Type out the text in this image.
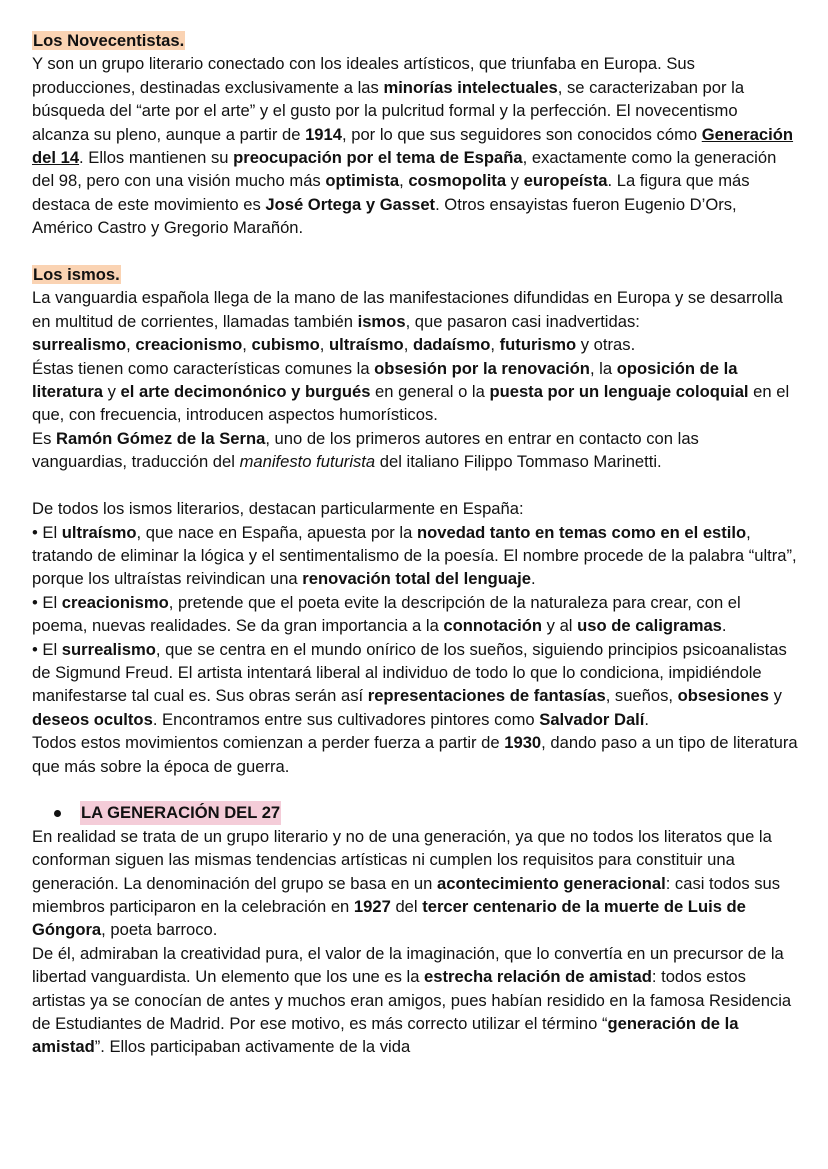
Los Novecentistas.

Y son un grupo literario conectado con los ideales artísticos, que triunfaba en Europa. Sus producciones, destinadas exclusivamente a las minorías intelectuales, se caracterizaban por la búsqueda del “arte por el arte” y el gusto por la pulcritud formal y la perfección. El novecentismo alcanza su pleno, aunque a partir de 1914, por lo que sus seguidores son conocidos cómo Generación del 14. Ellos mantienen su preocupación por el tema de España, exactamente como la generación del 98, pero con una visión mucho más optimista, cosmopolita y europeísta. La figura que más destaca de este movimiento es José Ortega y Gasset. Otros ensayistas fueron Eugenio D’Ors, Américo Castro y Gregorio Marañón.

Los ismos.

La vanguardia española llega de la mano de las manifestaciones difundidas en Europa y se desarrolla en multitud de corrientes, llamadas también ismos, que pasaron casi inadvertidas:

surrealismo, creacionismo, cubismo, ultraísmo, dadaísmo, futurismo y otras.

Éstas tienen como características comunes la obsesión por la renovación, la oposición de la literatura y el arte decimonónico y burgués en general o la puesta por un lenguaje coloquial en el que, con frecuencia, introducen aspectos humorísticos.

Es Ramón Gómez de la Serna, uno de los primeros autores en entrar en contacto con las vanguardias, traducción del manifesto futurista del italiano Filippo Tommaso Marinetti.

De todos los ismos literarios, destacan particularmente en España:

• El ultraísmo, que nace en España, apuesta por la novedad tanto en temas como en el estilo, tratando de eliminar la lógica y el sentimentalismo de la poesía. El nombre procede de la palabra “ultra”, porque los ultraístas reivindican una renovación total del lenguaje.

• El creacionismo, pretende que el poeta evite la descripción de la naturaleza para crear, con el poema, nuevas realidades. Se da gran importancia a la connotación y al uso de caligramas.

• El surrealismo, que se centra en el mundo onírico de los sueños, siguiendo principios psicoanalistas de Sigmund Freud. El artista intentará liberal al individuo de todo lo que lo condiciona, impidiéndole manifestarse tal cual es. Sus obras serán así representaciones de fantasías, sueños, obsesiones y deseos ocultos. Encontramos entre sus cultivadores pintores como Salvador Dalí.

Todos estos movimientos comienzan a perder fuerza a partir de 1930, dando paso a un tipo de literatura que más sobre la época de guerra.

LA GENERACIÓN DEL 27

En realidad se trata de un grupo literario y no de una generación, ya que no todos los literatos que la conforman siguen las mismas tendencias artísticas ni cumplen los requisitos para constituir una generación. La denominación del grupo se basa en un acontecimiento generacional: casi todos sus miembros participaron en la celebración en 1927 del tercer centenario de la muerte de Luis de Góngora, poeta barroco.

De él, admiraban la creatividad pura, el valor de la imaginación, que lo convertía en un precursor de la libertad vanguardista. Un elemento que los une es la estrecha relación de amistad: todos estos artistas ya se conocían de antes y muchos eran amigos, pues habían residido en la famosa Residencia de Estudiantes de Madrid. Por ese motivo, es más correcto utilizar el término “generación de la amistad”. Ellos participaban activamente de la vida
